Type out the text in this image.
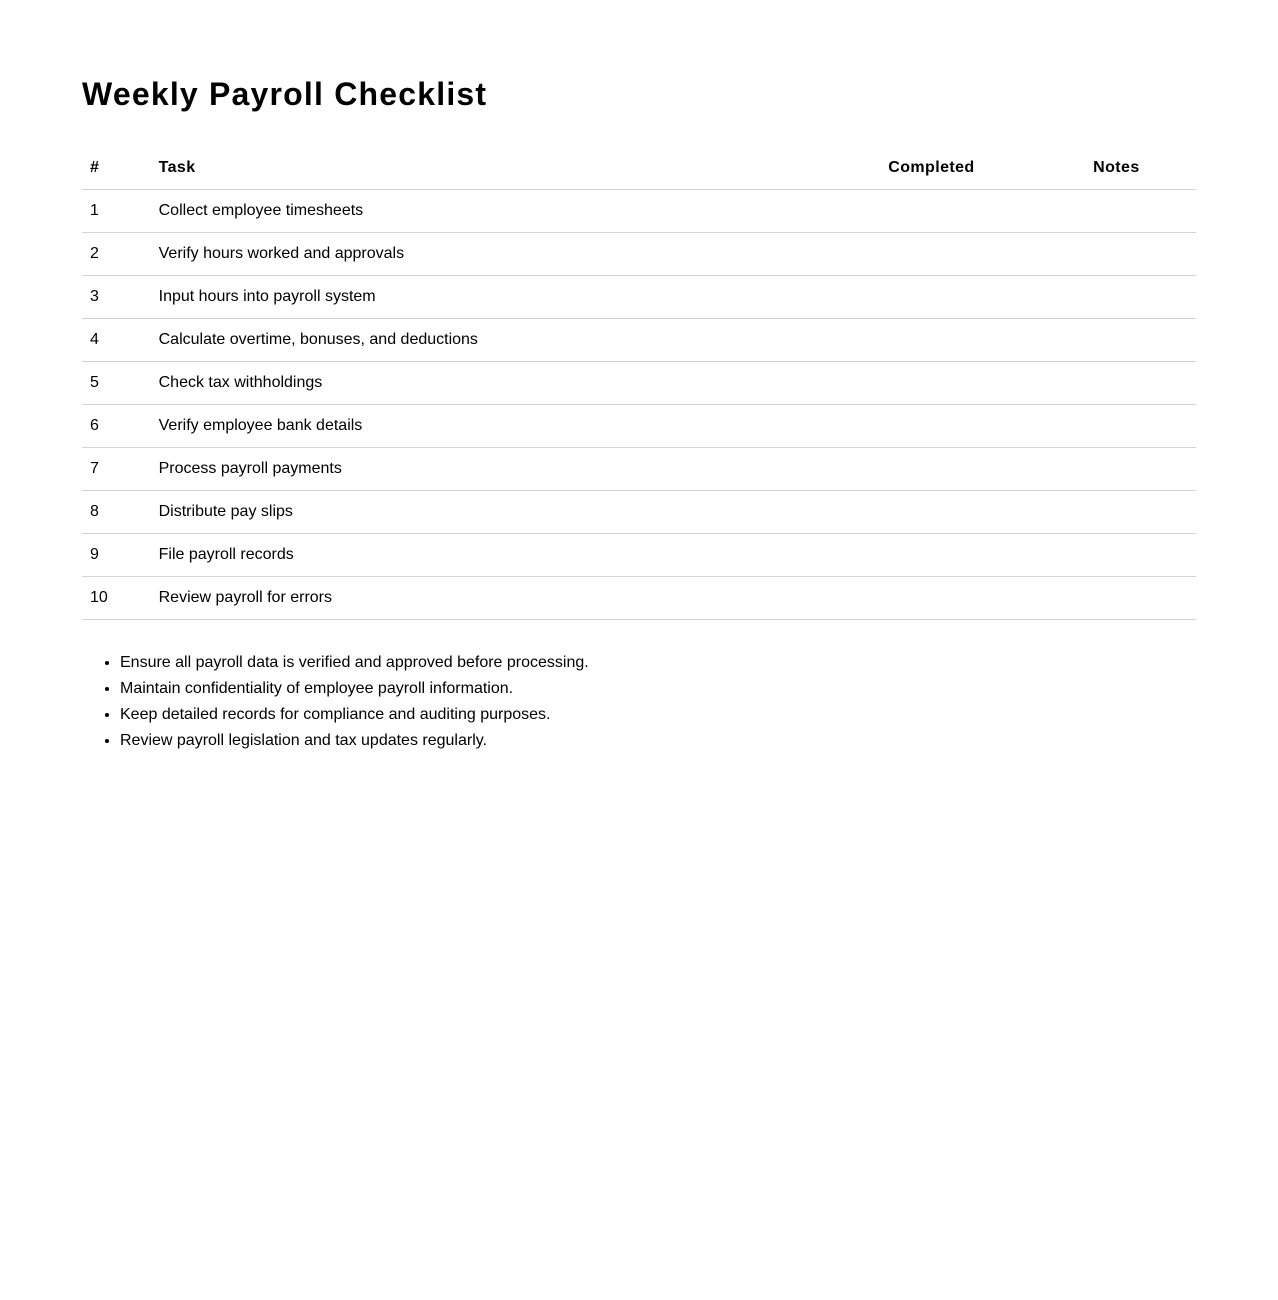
Weekly Payroll Checklist
#	Task	Completed	Notes
1	Collect employee timesheets		
2	Verify hours worked and approvals		
3	Input hours into payroll system		
4	Calculate overtime, bonuses, and deductions		
5	Check tax withholdings		
6	Verify employee bank details		
7	Process payroll payments		
8	Distribute pay slips		
9	File payroll records		
10	Review payroll for errors		
• Ensure all payroll data is verified and approved before processing.
• Maintain confidentiality of employee payroll information.
• Keep detailed records for compliance and auditing purposes.
• Review payroll legislation and tax updates regularly.
